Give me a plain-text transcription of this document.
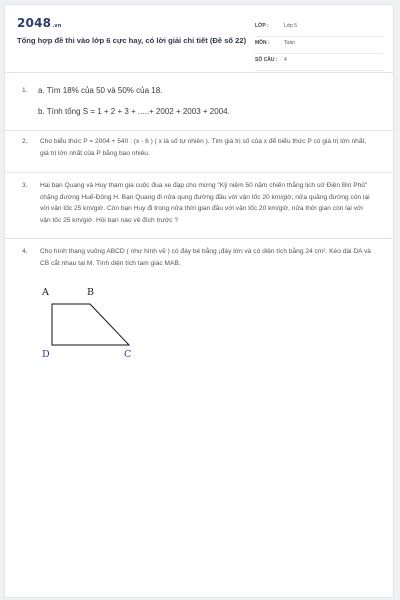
2048.vn
Tổng hợp đề thi vào lớp 6 cực hay, có lời giải chi tiết (Đề số 22)
LỚP :	Lớp 5
MÔN :	Toán
SỐ CÂU : 4
1. a. Tìm 18% của 50 và 50% của 18.
b. Tính tổng S = 1 + 2 + 3 + .....+ 2002 + 2003 + 2004.
2. Cho biểu thức P = 2004 + 540 : (x - 6 ) ( x là số tự nhiên ). Tìm giá trị số của x để biểu thức P có giá trị lớn nhất, giá trị lớn nhất của P bằng bao nhiêu.
3. Hai bạn Quang và Huy tham gia cuộc đua xe đạp cho mừng "Kỷ niệm 50 năm chiến thắng lịch sử Điện Bin Phủ" chặng đường Huế-Đông H. Bạn Quang đi nửa qung đường đầu với vận tốc 20 km/giờ, nửa quãng đường còn lại với vận tốc 25 km/giờ. Còn bạn Huy đi trong nửa thời gian đầu với vận tốc 20 km/giờ, nửa thời gian còn lại với vận tốc 25 km/giờ. Hỏi bạn nào về đích trước ?
4. Cho hình thang vuông ABCD ( như hình vẽ ) có đáy bé bằng ¡đáy lớn và có diện tích bằng 24 cm². Kéo dài DA và CB cắt nhau tại M. Tính diện tích tam giác MAB.
A	B
D	C
